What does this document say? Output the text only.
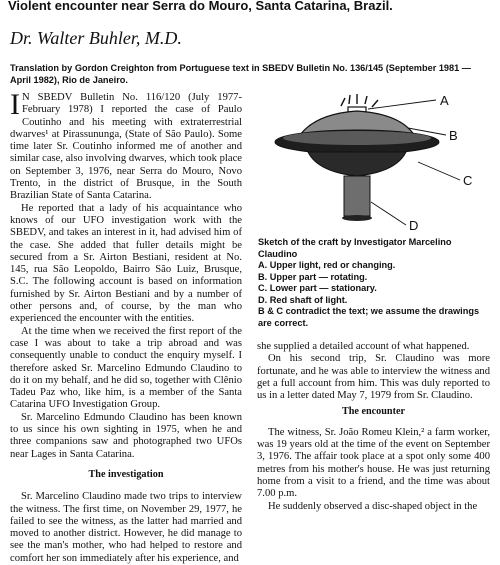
Violent encounter near Serra do Mouro, Santa Catarina, Brazil.
Dr. Walter Buhler, M.D.
Translation by Gordon Creighton from Portuguese text in SBEDV Bulletin No. 136/145 (September 1981 — April 1982), Rio de Janeiro.

I N SBEDV Bulletin No. 116/120 (July 1977-February 1978) I reported the case of Paulo Coutinho and his meeting with extraterrestrial dwarves¹ at Pirassununga, (State of São Paulo). Some time later Sr. Coutinho informed me of another and similar case, also involving dwarves, which took place on September 3, 1976, near Serra do Mouro, Novo Trento, in the district of Brusque, in the South Brazilian State of Santa Catarina.

He reported that a lady of his acquaintance who knows of our UFO investigation work with the SBEDV, and takes an interest in it, had advised him of the case. She added that fuller details might be secured from a Sr. Airton Bestiani, resident at No. 145, rua São Leopoldo, Bairro São Luiz, Brusque, S.C. The following account is based on information furnished by Sr. Airton Bestiani and by a number of other persons and, of course, by the man who experienced the encounter with the entities.

At the time when we received the first report of the case I was about to take a trip abroad and was consequently unable to conduct the enquiry myself. I therefore asked Sr. Marcelino Edmundo Claudino to do it on my behalf, and he did so, together with Clênio Tadeu Paz who, like him, is a member of the Santa Catarina UFO Investigation Group.

Sr. Marcelino Edmundo Claudino has been known to us since his own sighting in 1975, when he and three companions saw and photographed two UFOs near Lages in Santa Catarina.

The investigation

Sr. Marcelino Claudino made two trips to interview the witness. The first time, on November 29, 1977, he failed to see the witness, as the latter had married and moved to another district. However, he did manage to see the man's mother, who had helped to restore and comfort her son immediately after his experience, and

A
B
C
D
Sketch of the craft by Investigator Marcelino Claudino
A. Upper light, red or changing.
B. Upper part — rotating.
C. Lower part — stationary.
D. Red shaft of light.
B & C contradict the text; we assume the drawings are correct.

she supplied a detailed account of what happened.

On his second trip, Sr. Claudino was more fortunate, and he was able to interview the witness and get a full account from him. This was duly reported to us in a letter dated May 7, 1979 from Sr. Claudino.

The encounter

The witness, Sr. João Romeu Klein,² a farm worker, was 19 years old at the time of the event on September 3, 1976. The affair took place at a spot only some 400 metres from his mother's house. He was just returning home from a visit to a friend, and the time was about 7.00 p.m.

He suddenly observed a disc-shaped object in the
